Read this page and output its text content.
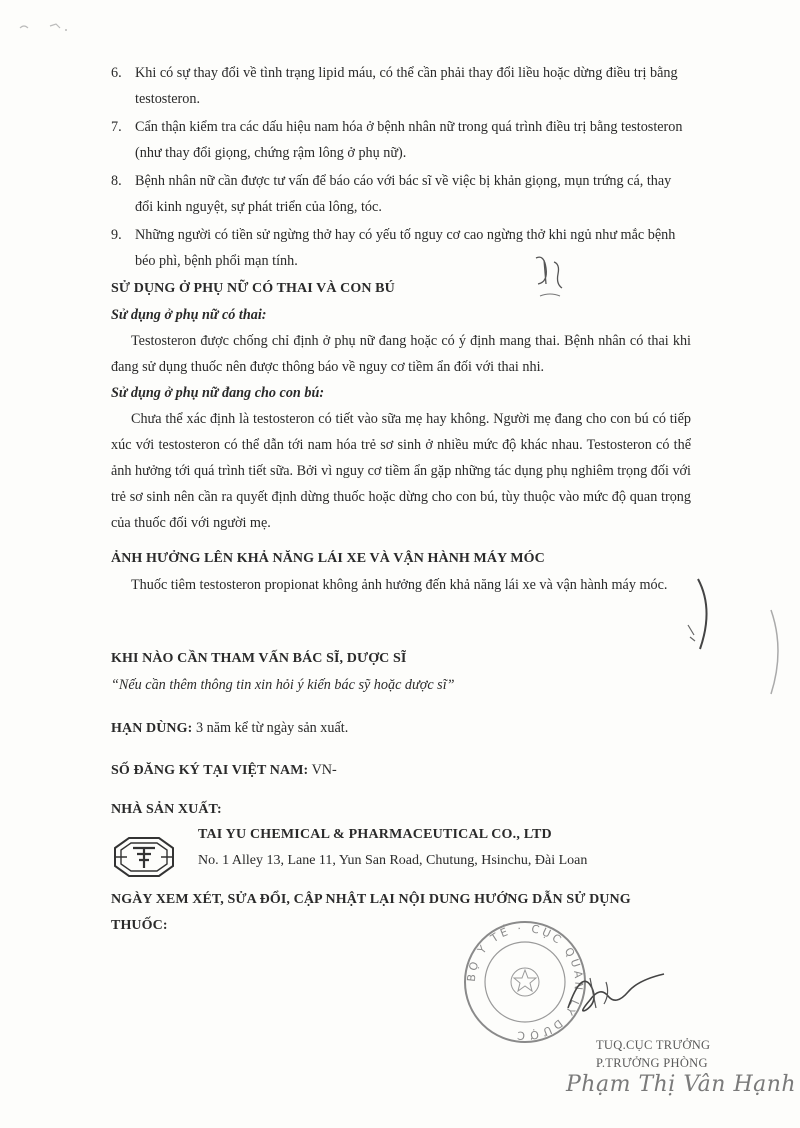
6. Khi có sự thay đổi về tình trạng lipid máu, có thể cần phải thay đổi liều hoặc dừng điều trị bằng testosteron.
7. Cẩn thận kiểm tra các dấu hiệu nam hóa ở bệnh nhân nữ trong quá trình điều trị bằng testosteron (như thay đổi giọng, chứng rậm lông ở phụ nữ).
8. Bệnh nhân nữ cần được tư vấn để báo cáo với bác sĩ về việc bị khản giọng, mụn trứng cá, thay đổi kinh nguyệt, sự phát triển của lông, tóc.
9. Những người có tiền sử ngừng thở hay có yếu tố nguy cơ cao ngừng thở khi ngủ như mắc bệnh béo phì, bệnh phổi mạn tính.
SỬ DỤNG Ở PHỤ NỮ CÓ THAI VÀ CON BÚ
Sử dụng ở phụ nữ có thai:
Testosteron được chống chỉ định ở phụ nữ đang hoặc có ý định mang thai. Bệnh nhân có thai khi đang sử dụng thuốc nên được thông báo về nguy cơ tiềm ẩn đối với thai nhi.
Sử dụng ở phụ nữ đang cho con bú:
Chưa thể xác định là testosteron có tiết vào sữa mẹ hay không. Người mẹ đang cho con bú có tiếp xúc với testosteron có thể dẫn tới nam hóa trẻ sơ sinh ở nhiều mức độ khác nhau. Testosteron có thể ảnh hưởng tới quá trình tiết sữa. Bởi vì nguy cơ tiềm ẩn gặp những tác dụng phụ nghiêm trọng đối với trẻ sơ sinh nên cần ra quyết định dừng thuốc hoặc dừng cho con bú, tùy thuộc vào mức độ quan trọng của thuốc đối với người mẹ.
ẢNH HƯỞNG LÊN KHẢ NĂNG LÁI XE VÀ VẬN HÀNH MÁY MÓC
Thuốc tiêm testosteron propionat không ảnh hưởng đến khả năng lái xe và vận hành máy móc.
KHI NÀO CẦN THAM VẤN BÁC SĨ, DƯỢC SĨ
“Nếu cần thêm thông tin xin hỏi ý kiến bác sỹ hoặc dược sĩ”
HẠN DÙNG: 3 năm kể từ ngày sản xuất.
SỐ ĐĂNG KÝ TẠI VIỆT NAM: VN-
NHÀ SẢN XUẤT:
TAI YU CHEMICAL & PHARMACEUTICAL CO., LTD
No. 1 Alley 13, Lane 11, Yun San Road, Chutung, Hsinchu, Đài Loan
NGÀY XEM XÉT, SỬA ĐỔI, CẬP NHẬT LẠI NỘI DUNG HƯỚNG DẪN SỬ DỤNG
THUỐC:
BỘ Y TẾ · CỤC QUẢN LÝ DƯỢC
TUQ.CỤC TRƯỞNG
P.TRƯỞNG PHÒNG
Phạm Thị Vân Hạnh
